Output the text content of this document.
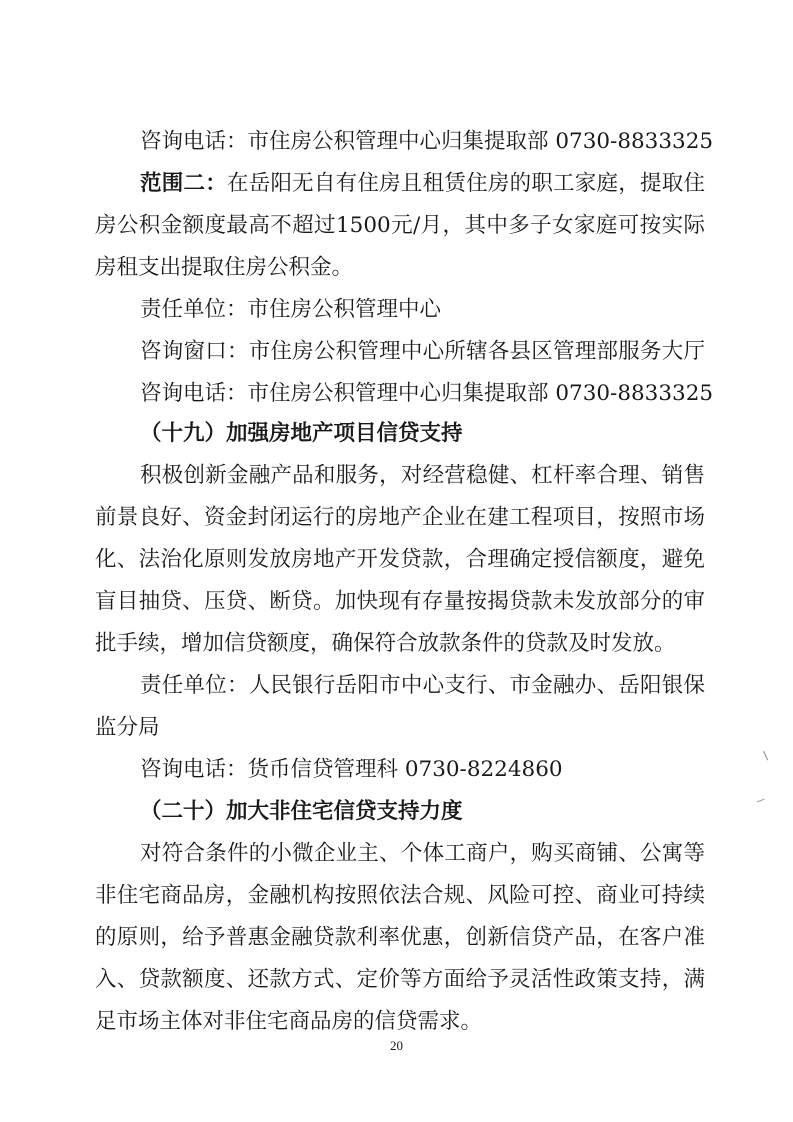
咨询电话：市住房公积管理中心归集提取部 0730-8833325
范围二：在岳阳无自有住房且租赁住房的职工家庭，提取住
房公积金额度最高不超过1500元/月，其中多子女家庭可按实际
房租支出提取住房公积金。
责任单位：市住房公积管理中心
咨询窗口：市住房公积管理中心所辖各县区管理部服务大厅
咨询电话：市住房公积管理中心归集提取部 0730-8833325
（十九）加强房地产项目信贷支持
积极创新金融产品和服务，对经营稳健、杠杆率合理、销售
前景良好、资金封闭运行的房地产企业在建工程项目，按照市场
化、法治化原则发放房地产开发贷款，合理确定授信额度，避免
盲目抽贷、压贷、断贷。加快现有存量按揭贷款未发放部分的审
批手续，增加信贷额度，确保符合放款条件的贷款及时发放。
责任单位：人民银行岳阳市中心支行、市金融办、岳阳银保
监分局
咨询电话：货币信贷管理科 0730-8224860
（二十）加大非住宅信贷支持力度
对符合条件的小微企业主、个体工商户，购买商铺、公寓等
非住宅商品房，金融机构按照依法合规、风险可控、商业可持续
的原则，给予普惠金融贷款利率优惠，创新信贷产品，在客户准
入、贷款额度、还款方式、定价等方面给予灵活性政策支持，满
足市场主体对非住宅商品房的信贷需求。
20
